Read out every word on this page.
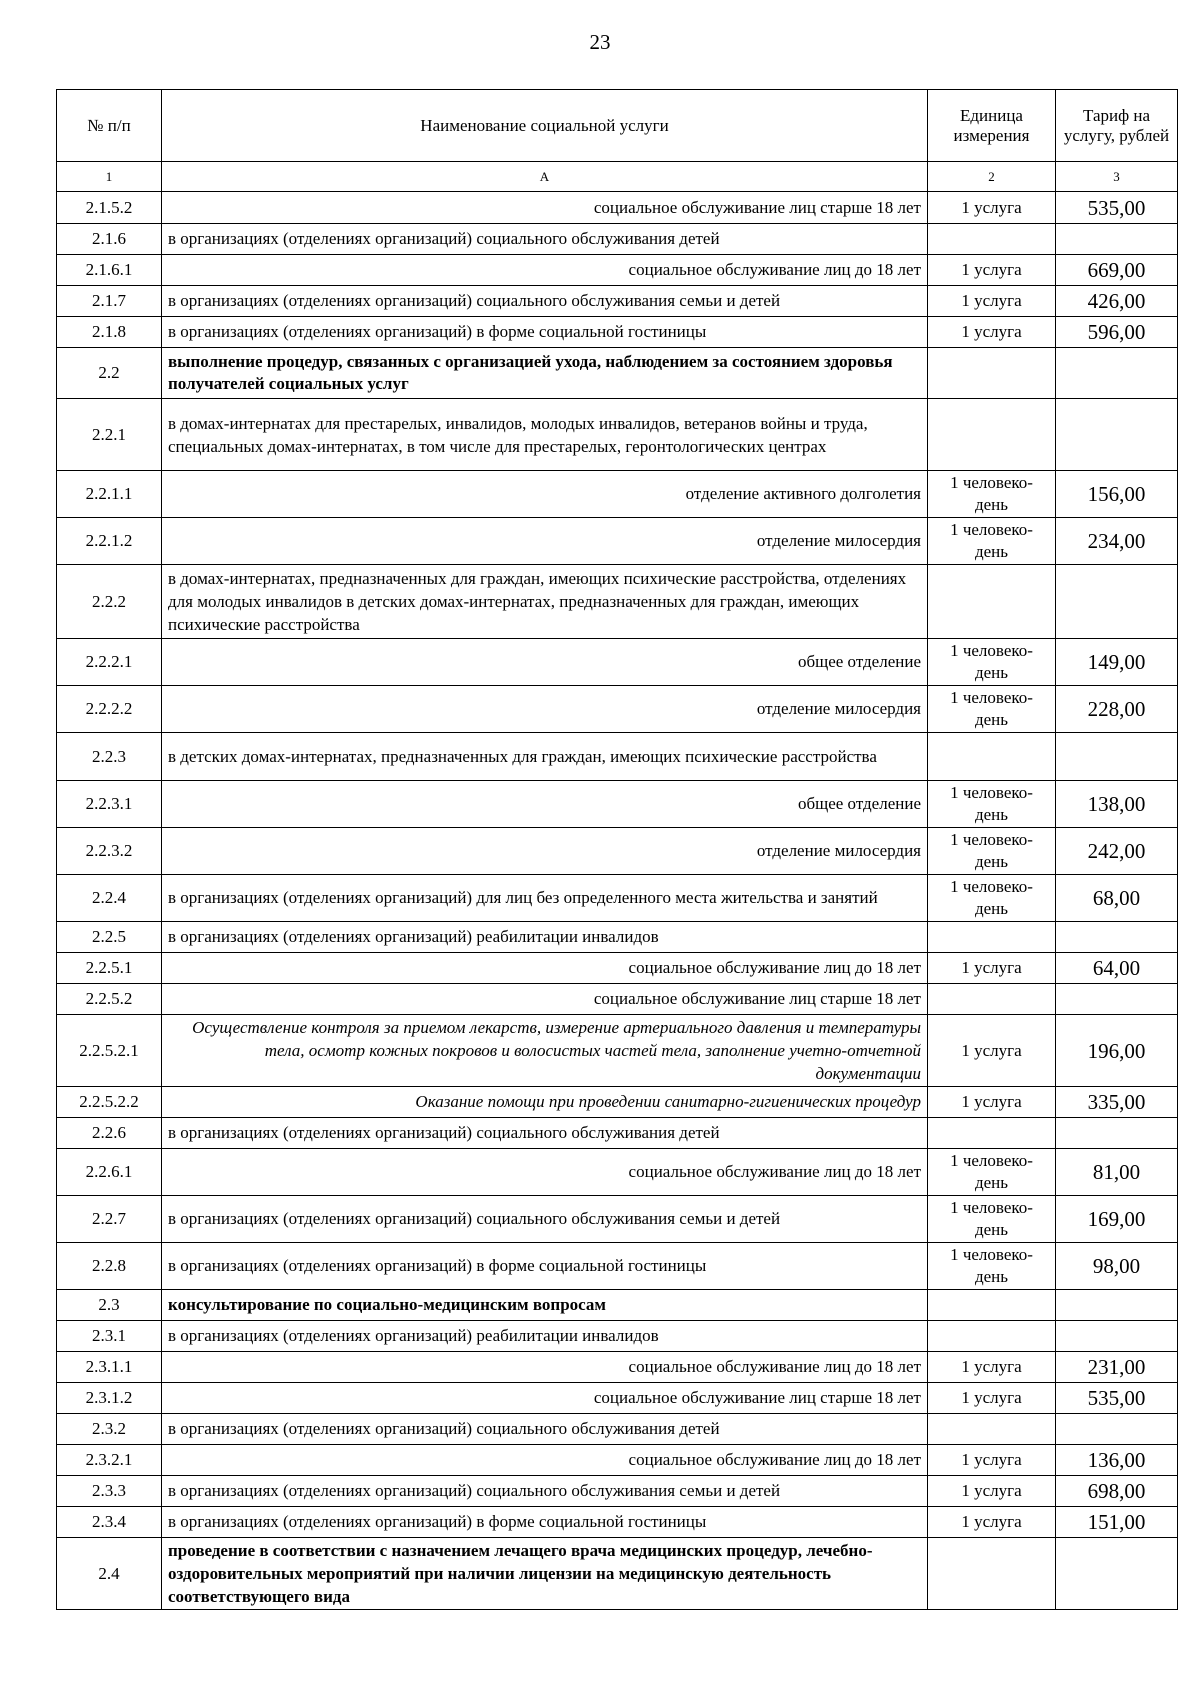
23
№ п/п	Наименование социальной услуги	Единица измерения	Тариф на услугу, рублей
1	А	2	3
2.1.5.2	социальное обслуживание лиц старше 18 лет	1 услуга	535,00
2.1.6	в организациях (отделениях организаций) социального обслуживания детей		
2.1.6.1	социальное обслуживание лиц до 18 лет	1 услуга	669,00
2.1.7	в организациях (отделениях организаций) социального обслуживания семьи и детей	1 услуга	426,00
2.1.8	в организациях (отделениях организаций) в форме социальной гостиницы	1 услуга	596,00
2.2	выполнение процедур, связанных с организацией ухода, наблюдением за состоянием здоровья получателей социальных услуг		
2.2.1	в домах-интернатах для престарелых, инвалидов, молодых инвалидов, ветеранов войны и труда, специальных домах-интернатах, в том числе для престарелых, геронтологических центрах		
2.2.1.1	отделение активного долголетия	1 человеко-день	156,00
2.2.1.2	отделение милосердия	1 человеко-день	234,00
2.2.2	в домах-интернатах, предназначенных для граждан, имеющих психические расстройства, отделениях для молодых инвалидов в детских домах-интернатах, предназначенных для граждан, имеющих психические расстройства		
2.2.2.1	общее отделение	1 человеко-день	149,00
2.2.2.2	отделение милосердия	1 человеко-день	228,00
2.2.3	в детских домах-интернатах, предназначенных для граждан, имеющих психические расстройства		
2.2.3.1	общее отделение	1 человеко-день	138,00
2.2.3.2	отделение милосердия	1 человеко-день	242,00
2.2.4	в организациях (отделениях организаций) для лиц без определенного места жительства и занятий	1 человеко-день	68,00
2.2.5	в организациях (отделениях организаций) реабилитации инвалидов		
2.2.5.1	социальное обслуживание лиц до 18 лет	1 услуга	64,00
2.2.5.2	социальное обслуживание лиц старше 18 лет		
2.2.5.2.1	Осуществление контроля за приемом лекарств, измерение артериального давления и температуры тела, осмотр кожных покровов и волосистых частей тела, заполнение учетно-отчетной документации	1 услуга	196,00
2.2.5.2.2	Оказание помощи при проведении санитарно-гигиенических процедур	1 услуга	335,00
2.2.6	в организациях (отделениях организаций) социального обслуживания детей		
2.2.6.1	социальное обслуживание лиц до 18 лет	1 человеко-день	81,00
2.2.7	в организациях (отделениях организаций) социального обслуживания семьи и детей	1 человеко-день	169,00
2.2.8	в организациях (отделениях организаций) в форме социальной гостиницы	1 человеко-день	98,00
2.3	консультирование по социально-медицинским вопросам		
2.3.1	в организациях (отделениях организаций) реабилитации инвалидов		
2.3.1.1	социальное обслуживание лиц до 18 лет	1 услуга	231,00
2.3.1.2	социальное обслуживание лиц старше 18 лет	1 услуга	535,00
2.3.2	в организациях (отделениях организаций) социального обслуживания детей		
2.3.2.1	социальное обслуживание лиц до 18 лет	1 услуга	136,00
2.3.3	в организациях (отделениях организаций) социального обслуживания семьи и детей	1 услуга	698,00
2.3.4	в организациях (отделениях организаций) в форме социальной гостиницы	1 услуга	151,00
2.4	проведение в соответствии с назначением лечащего врача медицинских процедур, лечебно-оздоровительных мероприятий при наличии лицензии на медицинскую деятельность соответствующего вида		
